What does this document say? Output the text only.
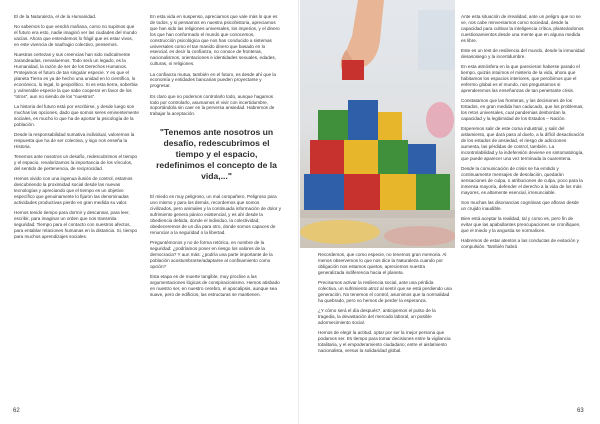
El de la Naturaleza, el de la Humanidad.

No sabemos lo que vendrá mañana, como no supimos que el futuro era esto, nadie imaginó ver las ciudades del mundo vacías. Ahora que entendemos lo frágil que es estar vivos, en este vivencia de naufragio colectivo, pensemos.

Nuestras certezas y sus creencias han sido radicalmente zarandeadas, reevaluemos. Todo será un legado, es la Humanidad, la razón de ser de los Derechos Humanos. Protejamos el futuro de tan singular especie. Y es que el planeta Tierra es ya de hecho una unidad en lo científico, lo económico, lo legal, lo geopolítico. Si es esta tierra, soberbia y vulnerable especie la que sabe cooperar en favor de los “otros”, aun no siendo de los “nuestros”.

La historia del futuro está por escribirse, y desde luego son muchas las opciones, dado que somos seres eminentemente sociales, es mucho lo que ha de aportar la psicología de la población.

Desde la responsabilidad sumativa individual, valoremos la respuesta que ha de ser colectiva, y sigo nos enseña la Historia.

Tenemos ante nosotros un desafío, redescubrimos el tiempo y el espacio, revalorizamos la importancia de los vínculos, del sentido de pertenencia, de reciprocidad.

Hemos vivido con una ingenua ilusión de control, estamos descubriendo la proximidad social desde las nuevas tecnologías y apreciando que el tiempo es un objetivo específico que genuinamente lo fijaron las denominadas actividades productivas pierde en gran medida su valor.

Hemos tenido tiempo para dormir y descansar, para leer, escribir, para imaginar un orden que nos transmita seguridad. Tiempo para el contacto con nuestros afectos, para entablar relaciones humanas en la distancia. Si, tiempo para muchos aprendizajes sociales.

En esta vida en suspenso, apreciamos que vale más lo que es de todos, y si pensamos en nuestra psicohistoria, apreciamos que han sido las religiones universales, los imperios, y el dinero los que han conformado el mundo que conocemos, construcción psicológica que nos han conducido a sistemas universales como el tan manido dinero que basado en lo esencial, es decir la confianza, no conoce de fronteras, nacionalismos, orientaciones e identidades sexuales, edades, culturas, ni religiones.

La confianza mutua, también en el futuro, es desde ahí que la economía y entidades bancarias pueden proyectarse y progresar.

Es claro que no podemos controlarlo todo, aunque hagamos todo por controlarlo, asumamos el vivir con incertidumbre, soportándola sin caer en la perversa ansiedad. Habremos de trabajar la aceptación.

"Tenemos ante nosotros un desafío, redescubrimos el tiempo y el espacio, redefinimos el concepto de la vida,..."

El miedo es muy peligroso, un mal compañero. Peligroso para uno mismo y para los demás, recordemos que somos civilizados, pero animales y la continuada información de dolor y sufrimiento genera pánico existencial, y es ahí desde la obediencia debida, donde el individuo, la colectividad, obedeceremos de un día para otro, donde somos capaces de renunciar a la seguridad o la libertad.

Preguntémonos y no de forma retórica, en nombre de la seguridad: ¿podríamos poner en riesgo los valores de la democracia? Y aun más: ¿podría una parte importante de la población acostumbrarse/adaptarse al confinamiento como opción?

Esta etapa es de muerte tangible, muy proclive a las argumentaciones lógicas de conspiracionismo. Hemos atisbado en nuestro ser, en nuestro cerebro, el apocalipsis, aunque sea suave, pero de edificios, las estructuras se mantienen.

Recordemos, que como especie, no tenemos gran memoria. Al menos observemos lo que nos dice la Naturaleza cuando por obligación nos estamos quietos, apreciemos nuestra generalizada indiferencia hacia el planeta.

Precisamos activar la resiliencia social, ante una pérdida colectiva, un sufrimiento atroz al sentir que se está perdiendo una generación. No tenemos el control, asumimos que la normalidad ha quebrado, pero no hemos de perder la esperanza.

¿Y cómo será el día después?, anticipemos el pulso de la tragedia, la devastación del mercado laboral, un posible adormecimiento social.

Hemos de elegir la actitud, optar por ser la mejor persona que podamos ser. Es tiempo para tomar decisiones entre la vigilancia totalitaria, y el empoderamiento ciudadano; entre el aislamiento nacionalista, versus la solidaridad global.

Ante esta situación de irrealidad, ante un peligro que no se ve, nos cabe reinventarnos como sociedad, desde la capacidad para cultivar la inteligencia crítica, planteándonos cuestionamientos desde una mente que en alguna medida es libre.

Este es un test de resiliencia del mundo, desde la inmunidad desasosiego y la incertidumbre.

En esta atmósfera en la que parecieran haberse parado el tiempo, quizás intuimos el misterio de la vida, ahora que habitamos los espacios interiores, que percibimos que el enfermo global es el mundo, nos preguntamos si aprenderemos las enseñanzas de tan penetrante crisis.

Constatamos que las fronteras, y las decisiones de los Estados, en gran medida han caducado, que los problemas, los retos universales, cual pandemias desbordan la capacidad y la legitimidad de los Estados – Nación.

Esperemos salir de este coma industrial, y salir del aislamiento, que dará paso al duelo, a la difícil desactivación de los estados de ansiedad, el riesgo de adicciones aumenta, las pérdidas de control, también. La incontrolabilidad y la indefensión deviene en sintomatología, que puede aparecer una vez terminada la cuarentena.

Desde la comunicación de crisis se ha emitido y continuamente mensajes de desolación, quedarán sensaciones de culpa, o atribuciones de culpa, poco para la inmensa mayoría, defender el derecho a la vida de los más mayores, es altamente esencial, irrenunciable.

Son muchas las disonancias cognitivas que afloran desde un crujido inaudible.

Bien está aceptar la realidad, tal y como es, pero fin de evitar que las apabullantes preocupaciones se cronifiquen, que el miedo y la angustia se normalicen.

Habremos de estar atentos a las conductas de evitación y compulsión. También habrá

62	63
